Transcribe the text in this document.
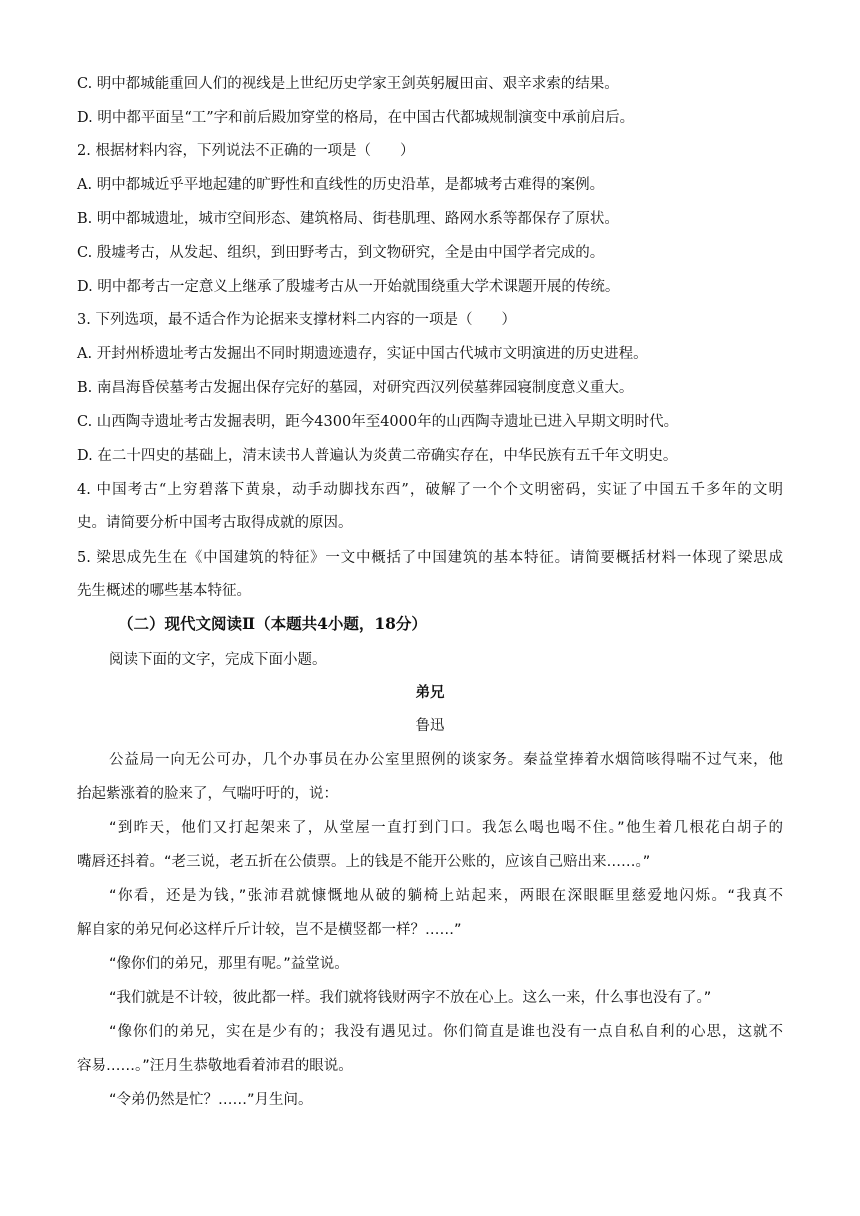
C. 明中都城能重回人们的视线是上世纪历史学家王剑英躬履田亩、艰辛求索的结果。
D. 明中都平面呈“工”字和前后殿加穿堂的格局，在中国古代都城规制演变中承前启后。
2. 根据材料内容，下列说法不正确的一项是（　　）
A. 明中都城近乎平地起建的旷野性和直线性的历史沿革，是都城考古难得的案例。
B. 明中都城遗址，城市空间形态、建筑格局、街巷肌理、路网水系等都保存了原状。
C. 殷墟考古，从发起、组织，到田野考古，到文物研究，全是由中国学者完成的。
D. 明中都考古一定意义上继承了殷墟考古从一开始就围绕重大学术课题开展的传统。
3. 下列选项，最不适合作为论据来支撑材料二内容的一项是（　　）
A. 开封州桥遗址考古发掘出不同时期遗迹遗存，实证中国古代城市文明演进的历史进程。
B. 南昌海昏侯墓考古发掘出保存完好的墓园，对研究西汉列侯墓葬园寝制度意义重大。
C. 山西陶寺遗址考古发掘表明，距今4300年至4000年的山西陶寺遗址已进入早期文明时代。
D. 在二十四史的基础上，清末读书人普遍认为炎黄二帝确实存在，中华民族有五千年文明史。
4. 中国考古“上穷碧落下黄泉，动手动脚找东西”，破解了一个个文明密码，实证了中国五千多年的文明
史。请简要分析中国考古取得成就的原因。
5. 梁思成先生在《中国建筑的特征》一文中概括了中国建筑的基本特征。请简要概括材料一体现了梁思成
先生概述的哪些基本特征。
（二）现代文阅读Ⅱ（本题共4小题，18分）
阅读下面的文字，完成下面小题。
弟兄
鲁迅
公益局一向无公可办，几个办事员在办公室里照例的谈家务。秦益堂捧着水烟筒咳得喘不过气来，他
抬起紫涨着的脸来了，气喘吁吁的，说：
“到昨天，他们又打起架来了，从堂屋一直打到门口。我怎么喝也喝不住。”他生着几根花白胡子的
嘴唇还抖着。“老三说，老五折在公债票。上的钱是不能开公账的，应该自己赔出来……。”
“你看，还是为钱，”张沛君就慷慨地从破的躺椅上站起来，两眼在深眼眶里慈爱地闪烁。“我真不
解自家的弟兄何必这样斤斤计较，岂不是横竖都一样？……”
“像你们的弟兄，那里有呢。”益堂说。
“我们就是不计较，彼此都一样。我们就将钱财两字不放在心上。这么一来，什么事也没有了。”
“像你们的弟兄，实在是少有的；我没有遇见过。你们简直是谁也没有一点自私自利的心思，这就不
容易……。”汪月生恭敬地看着沛君的眼说。
“令弟仍然是忙？……”月生问。
